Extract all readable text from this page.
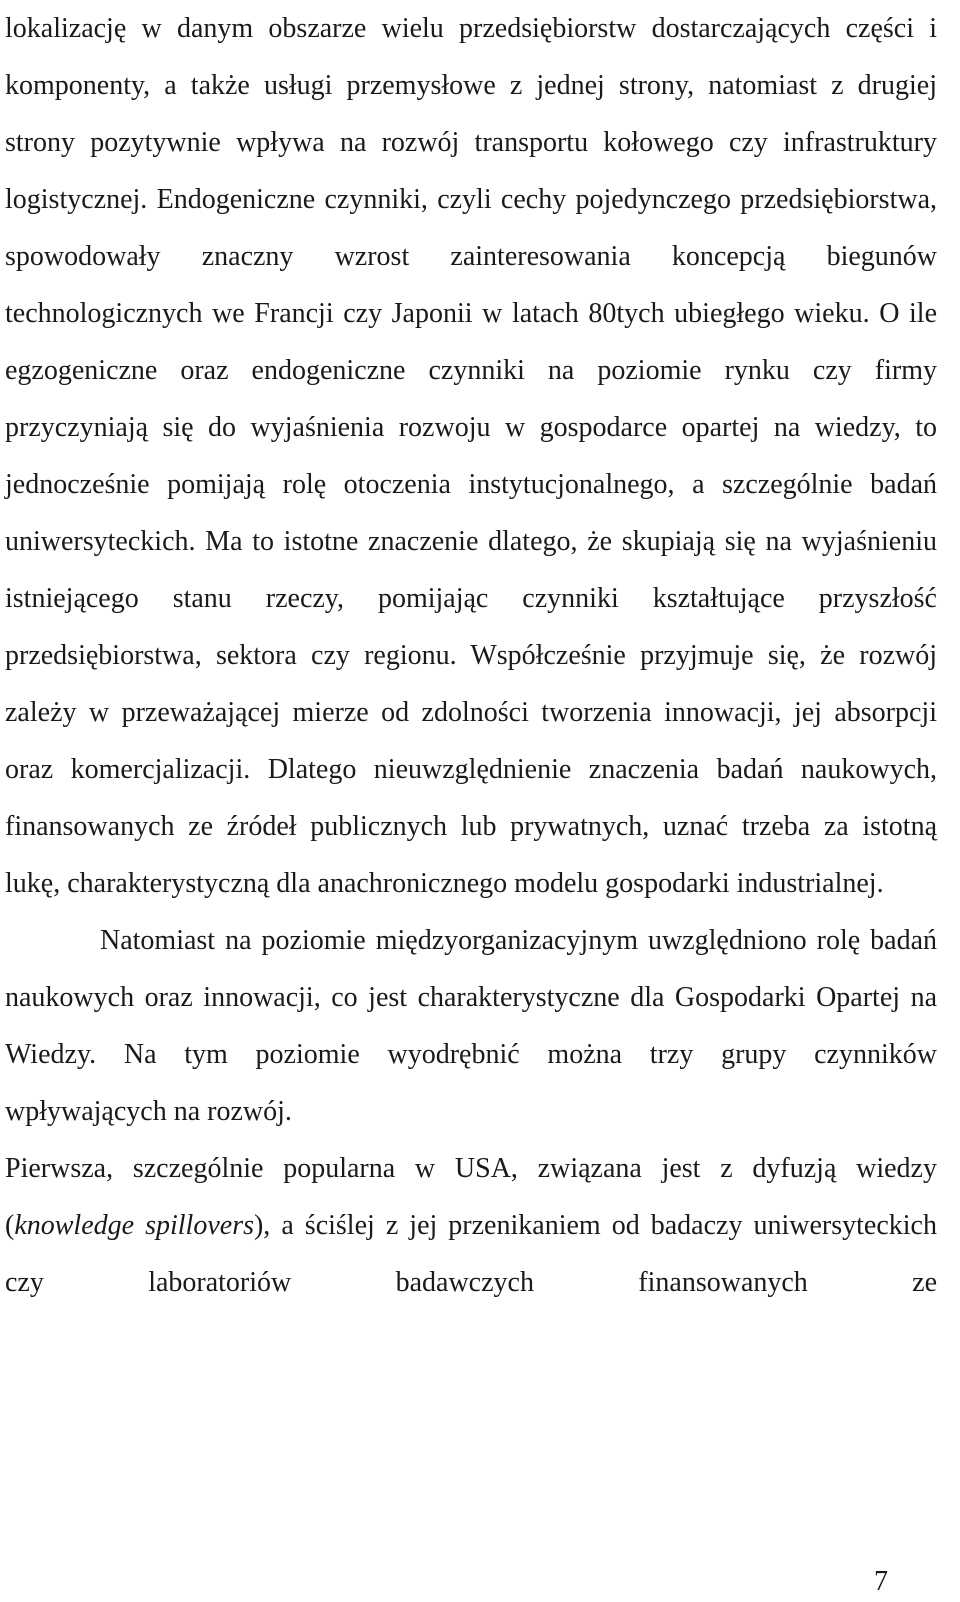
lokalizację w danym obszarze wielu przedsiębiorstw dostarczających części i komponenty, a także usługi przemysłowe z jednej strony, natomiast z drugiej strony pozytywnie wpływa na rozwój transportu kołowego czy infrastruktury logistycznej. Endogeniczne czynniki, czyli cechy pojedynczego przedsiębiorstwa, spowodowały znaczny wzrost zainteresowania koncepcją biegunów technologicznych we Francji czy Japonii w latach 80tych ubiegłego wieku. O ile egzogeniczne oraz endogeniczne czynniki na poziomie rynku czy firmy przyczyniają się do wyjaśnienia rozwoju w gospodarce opartej na wiedzy, to jednocześnie pomijają rolę otoczenia instytucjonalnego, a szczególnie badań uniwersyteckich. Ma to istotne znaczenie dlatego, że skupiają się na wyjaśnieniu istniejącego stanu rzeczy, pomijając czynniki kształtujące przyszłość przedsiębiorstwa, sektora czy regionu. Współcześnie przyjmuje się, że rozwój zależy w przeważającej mierze od zdolności tworzenia innowacji, jej absorpcji oraz komercjalizacji. Dlatego nieuwzględnienie znaczenia badań naukowych, finansowanych ze źródeł publicznych lub prywatnych, uznać trzeba za istotną lukę, charakterystyczną dla anachronicznego modelu gospodarki industrialnej.

Natomiast na poziomie międzyorganizacyjnym uwzględniono rolę badań naukowych oraz innowacji, co jest charakterystyczne dla Gospodarki Opartej na Wiedzy. Na tym poziomie wyodrębnić można trzy grupy czynników wpływających na rozwój.

Pierwsza, szczególnie popularna w USA, związana jest z dyfuzją wiedzy (knowledge spillovers), a ściślej z jej przenikaniem od badaczy uniwersyteckich czy laboratoriów badawczych finansowanych ze

7
